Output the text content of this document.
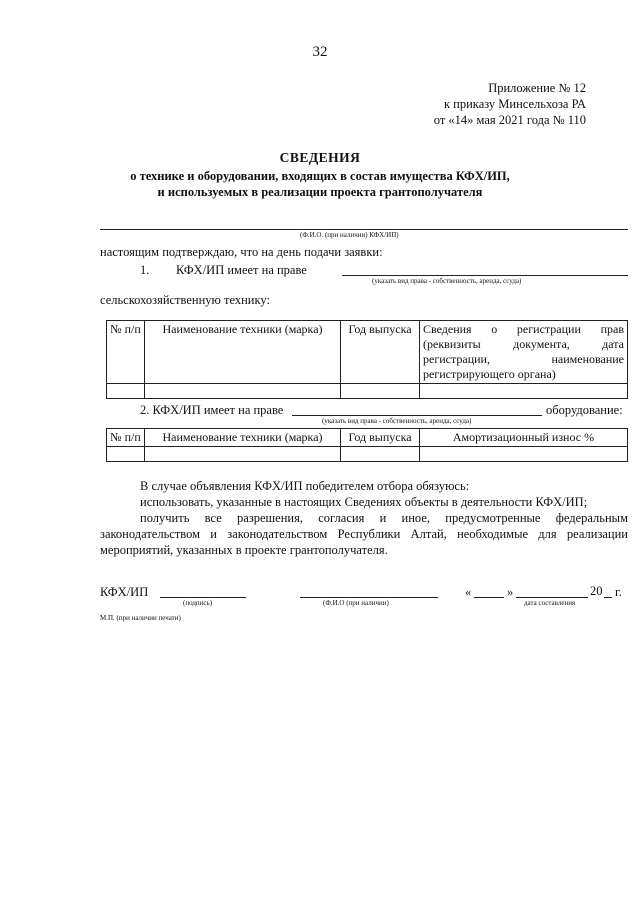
32
Приложение № 12
к приказу Минсельхоза РА
от «14» мая 2021 года № 110
СВЕДЕНИЯ
о технике и оборудовании, входящих в состав имущества КФХ/ИП,
и используемых в реализации проекта грантополучателя
(Ф.И.О. (при наличии) КФХ/ИП)
настоящим подтверждаю, что на день подачи заявки:
1. КФХ/ИП имеет на праве
(указать вид права - собственность, аренда, ссуда)
сельскохозяйственную технику:
№ п/п	Наименование техники (марка)	Год выпуска	Сведения о регистрации прав (реквизиты документа, дата регистрации, наименование регистрирующего органа)

2. КФХ/ИП имеет на праве	оборудование:
(указать вид права - собственность, аренда, ссуда)
№ п/п	Наименование техники (марка)	Год выпуска	Амортизационный износ %

В случае объявления КФХ/ИП победителем отбора обязуюсь:
использовать, указанные в настоящих Сведениях объекты в деятельности КФХ/ИП;
получить все разрешения, согласия и иное, предусмотренные федеральным законодательством и законодательством Республики Алтай, необходимые для реализации мероприятий, указанных в проекте грантополучателя.
КФХ/ИП
(подпись)	(Ф.И.О (при наличии)
«	»	20 г.
дата составления
М.П. (при наличии печати)
